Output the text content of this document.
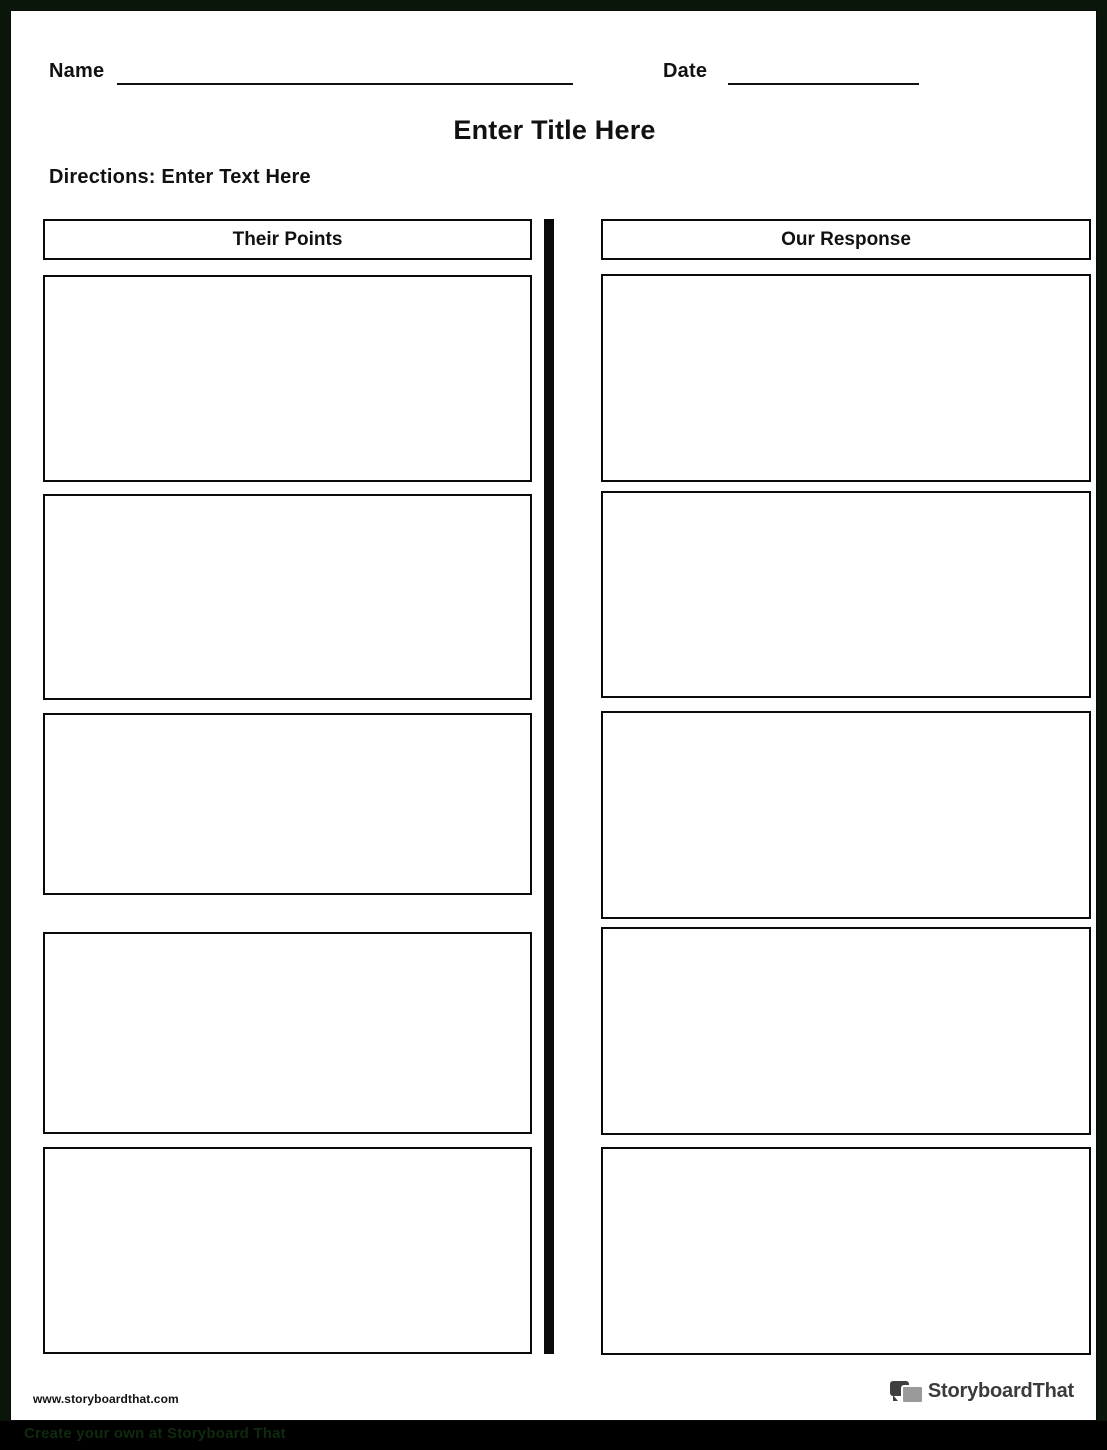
Name	Date
Enter Title Here
Directions: Enter Text Here
Their Points	Our Response
www.storyboardthat.com	StoryboardThat
Create your own at Storyboard That
